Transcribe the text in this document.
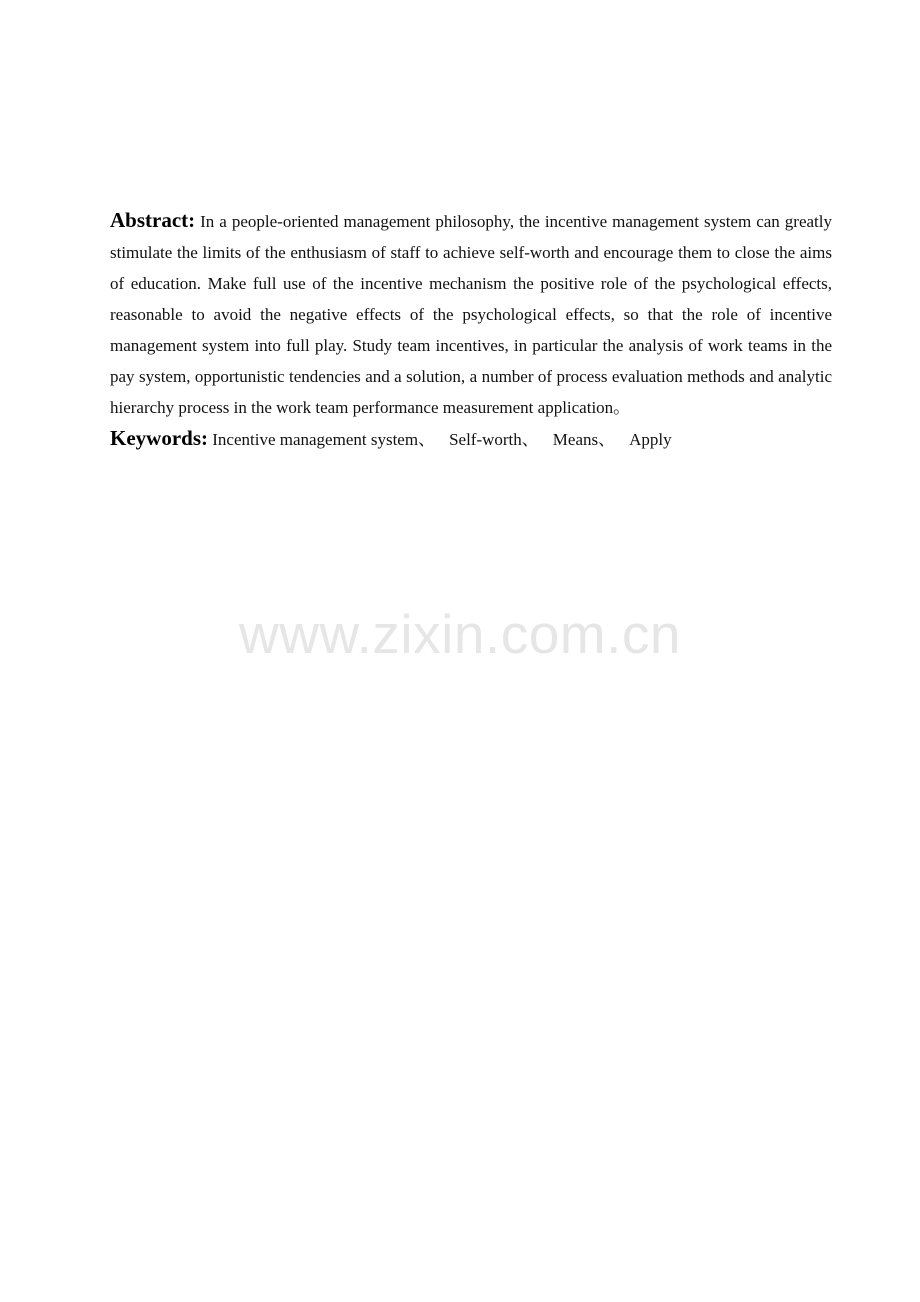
Abstract: In a people-oriented management philosophy, the incentive management system can greatly stimulate the limits of the enthusiasm of staff to achieve self-worth and encourage them to close the aims of education. Make full use of the incentive mechanism the positive role of the psychological effects, reasonable to avoid the negative effects of the psychological effects, so that the role of incentive management system into full play. Study team incentives, in particular the analysis of work teams in the pay system, opportunistic tendencies and a solution, a number of process evaluation methods and analytic hierarchy process in the work team performance measurement application。

Keywords: Incentive management system、 Self-worth、 Means、 Apply

www.zixin.com.cn
